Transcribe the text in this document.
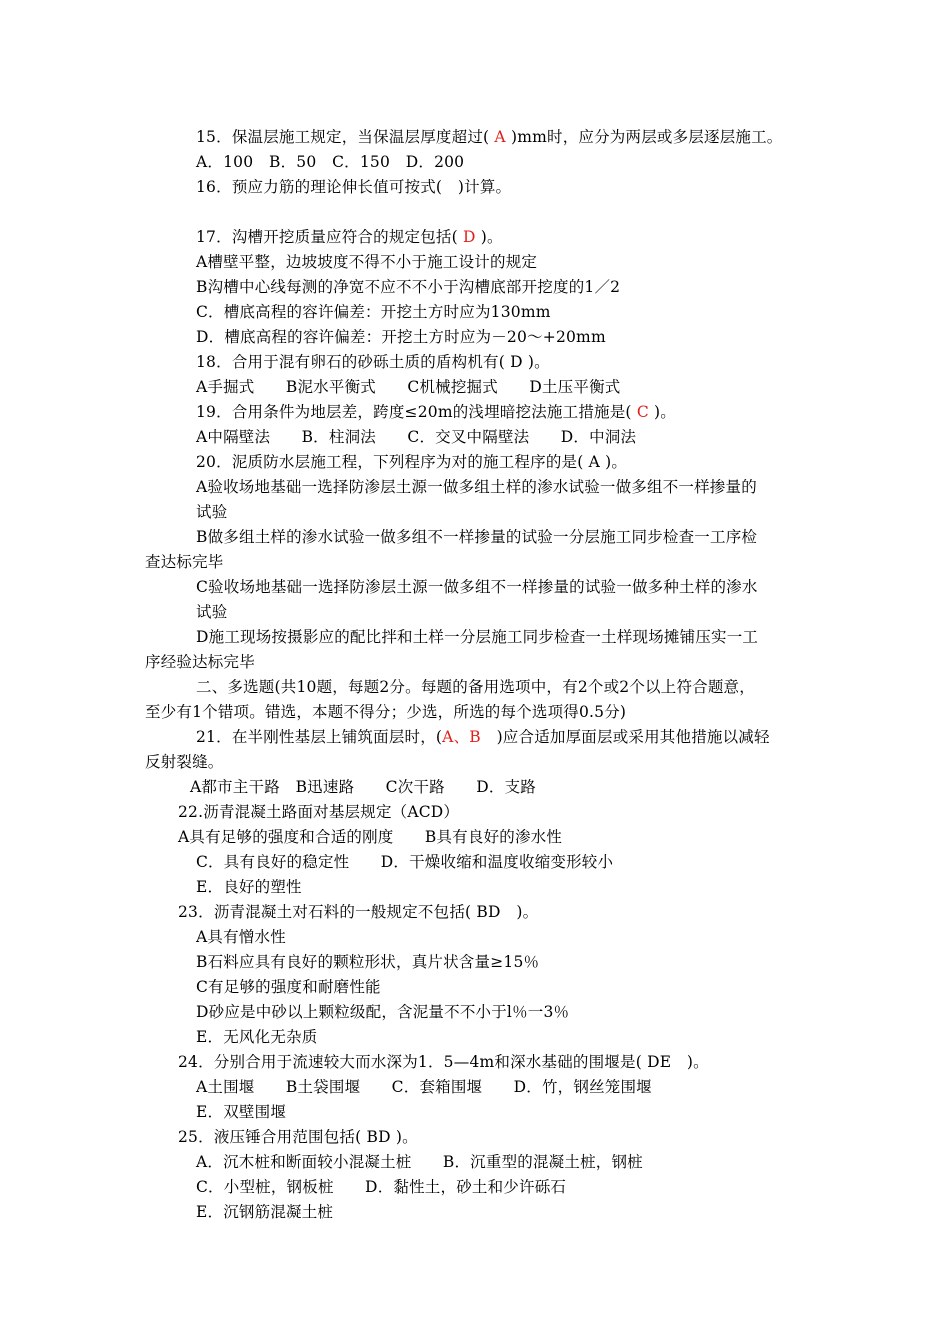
15．保温层施工规定，当保温层厚度超过( A )mm时，应分为两层或多层逐层施工。
A．100　B．50　C．150　D．200
16．预应力筋的理论伸长值可按式(　)计算。
17．沟槽开挖质量应符合的规定包括( D )。
A槽壁平整，边坡坡度不得不小于施工设计的规定
B沟槽中心线每测的净宽不应不不小于沟槽底部开挖度的1／2
C．槽底高程的容许偏差：开挖土方时应为130mm
D．槽底高程的容许偏差：开挖土方时应为－20～+20mm
18．合用于混有卵石的砂砾土质的盾构机有( D )。
A手掘式　　B泥水平衡式　　C机械挖掘式　　D土压平衡式
19．合用条件为地层差，跨度≤20m的浅埋暗挖法施工措施是( C )。
A中隔壁法　　B．柱洞法　　C．交叉中隔壁法　　D．中洞法
20．泥质防水层施工程，下列程序为对的施工程序的是( A )。
A验收场地基础一选择防渗层土源一做多组土样的渗水试验一做多组不一样掺量的
试验
B做多组土样的渗水试验一做多组不一样掺量的试验一分层施工同步检查一工序检
查达标完毕
C验收场地基础一选择防渗层土源一做多组不一样掺量的试验一做多种土样的渗水
试验
D施工现场按摄影应的配比拌和土样一分层施工同步检查一土样现场摊铺压实一工
序经验达标完毕
二、多选题(共10题，每题2分。每题的备用选项中，有2个或2个以上符合题意，
至少有1个错项。错选，本题不得分；少选，所选的每个选项得0.5分)
21．在半刚性基层上铺筑面层时，(A、B　 )应合适加厚面层或采用其他措施以减轻
反射裂缝。
A都市主干路　B迅速路　　C次干路　　D．支路
22.沥青混凝土路面对基层规定（ACD）
A具有足够的强度和合适的刚度　　B具有良好的渗水性
C．具有良好的稳定性　　D．干燥收缩和温度收缩变形较小
E．良好的塑性
23．沥青混凝土对石料的一般规定不包括( BD　)。
A具有憎水性
B石料应具有良好的颗粒形状，真片状含量≥15％
C有足够的强度和耐磨性能
D砂应是中砂以上颗粒级配，含泥量不不小于l％一3％
E．无风化无杂质
24．分别合用于流速较大而水深为1．5—4m和深水基础的围堰是( DE　)。
A土围堰　　B土袋围堰　　C．套箱围堰　　D．竹，钢丝笼围堰
E．双壁围堰
25．液压锤合用范围包括( BD )。
A．沉木桩和断面较小混凝土桩　　B．沉重型的混凝土桩，钢桩
C．小型桩，钢板桩　　D．黏性土，砂土和少许砾石
E．沉钢筋混凝土桩
